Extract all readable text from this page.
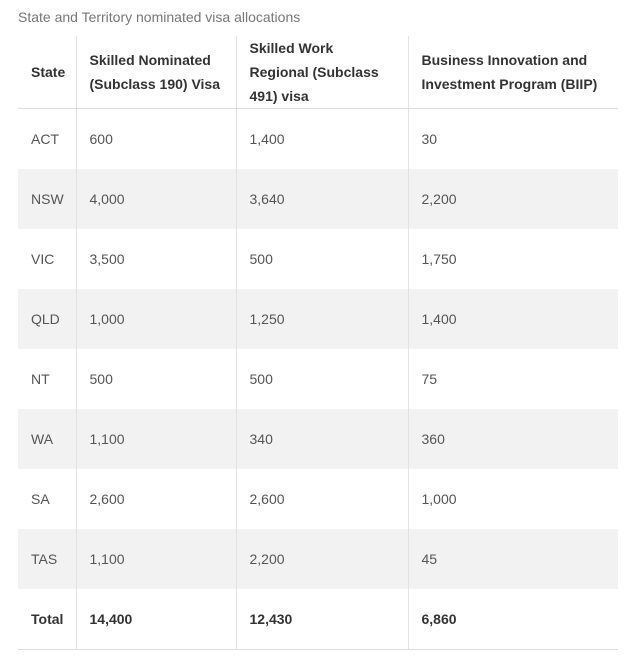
State and Territory nominated visa allocations
State	Skilled Nominated (Subclass 190) Visa	Skilled Work Regional (Subclass 491) visa	Business Innovation and Investment Program (BIIP)
ACT	600	1,400	30
NSW	4,000	3,640	2,200
VIC	3,500	500	1,750
QLD	1,000	1,250	1,400
NT	500	500	75
WA	1,100	340	360
SA	2,600	2,600	1,000
TAS	1,100	2,200	45
Total	14,400	12,430	6,860
